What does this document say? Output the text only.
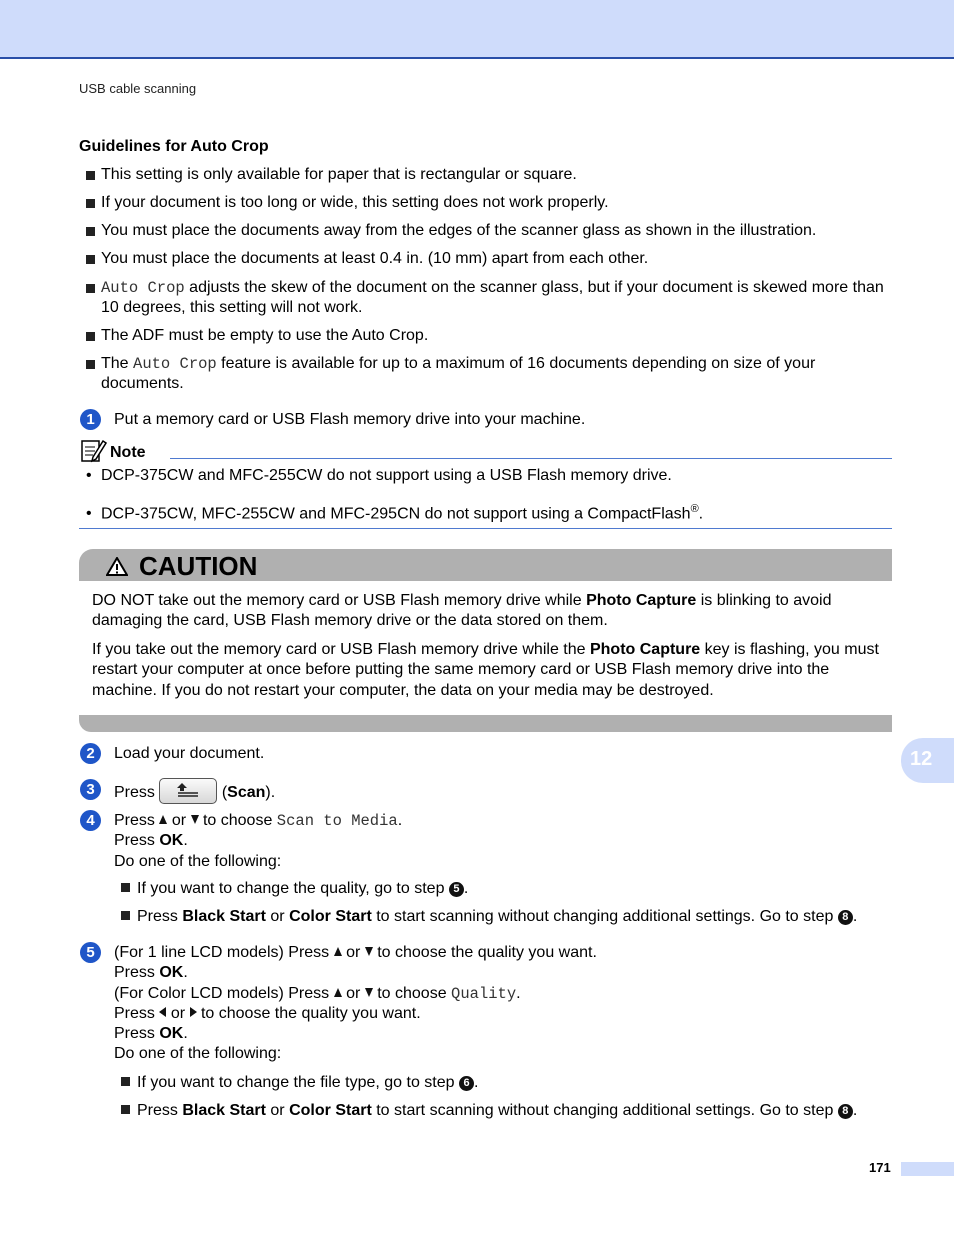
USB cable scanning
Guidelines for Auto Crop
This setting is only available for paper that is rectangular or square.
If your document is too long or wide, this setting does not work properly.
You must place the documents away from the edges of the scanner glass as shown in the illustration.
You must place the documents at least 0.4 in. (10 mm) apart from each other.
Auto Crop adjusts the skew of the document on the scanner glass, but if your document is skewed more than 10 degrees, this setting will not work.
The ADF must be empty to use the Auto Crop.
The Auto Crop feature is available for up to a maximum of 16 documents depending on size of your documents.
1	Put a memory card or USB Flash memory drive into your machine.
Note
• DCP-375CW and MFC-255CW do not support using a USB Flash memory drive.
• DCP-375CW, MFC-255CW and MFC-295CN do not support using a CompactFlash®.
CAUTION
DO NOT take out the memory card or USB Flash memory drive while Photo Capture is blinking to avoid damaging the card, USB Flash memory drive or the data stored on them.
If you take out the memory card or USB Flash memory drive while the Photo Capture key is flashing, you must restart your computer at once before putting the same memory card or USB Flash memory drive into the machine. If you do not restart your computer, the data on your media may be destroyed.
12
2	Load your document.
3	Press	(Scan).
4	Press or to choose Scan to Media.
Press OK.
Do one of the following:
If you want to change the quality, go to step 5 .
Press Black Start or Color Start to start scanning without changing additional settings. Go to step 8 .
5	(For 1 line LCD models) Press or to choose the quality you want.
Press OK.
(For Color LCD models) Press or to choose Quality.
Press or to choose the quality you want.
Press OK.
Do one of the following:
If you want to change the file type, go to step 6 .
Press Black Start or Color Start to start scanning without changing additional settings. Go to step 8 .
171
